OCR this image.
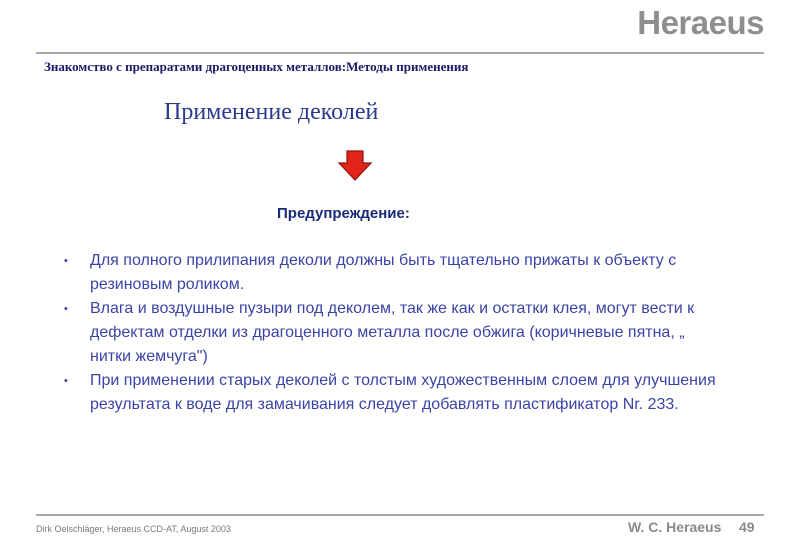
Heraeus
Знакомство с препаратами драгоценных металлов:Методы применения
Применение деколей
Предупреждение:
• Для полного прилипания деколи должны быть тщательно прижаты к объекту с резиновым роликом.
• Влага и воздушные пузыри под деколем, так же как и остатки клея, могут вести к дефектам отделки из драгоценного металла после обжига (коричневые пятна, „ нитки жемчуга")
• При применении старых деколей с толстым художественным слоем для улучшения результата к воде для замачивания следует добавлять пластификатор Nr. 233.
Dirk Oelschläger, Heraeus CCD-AT, August 2003	W. C. Heraeus 49
